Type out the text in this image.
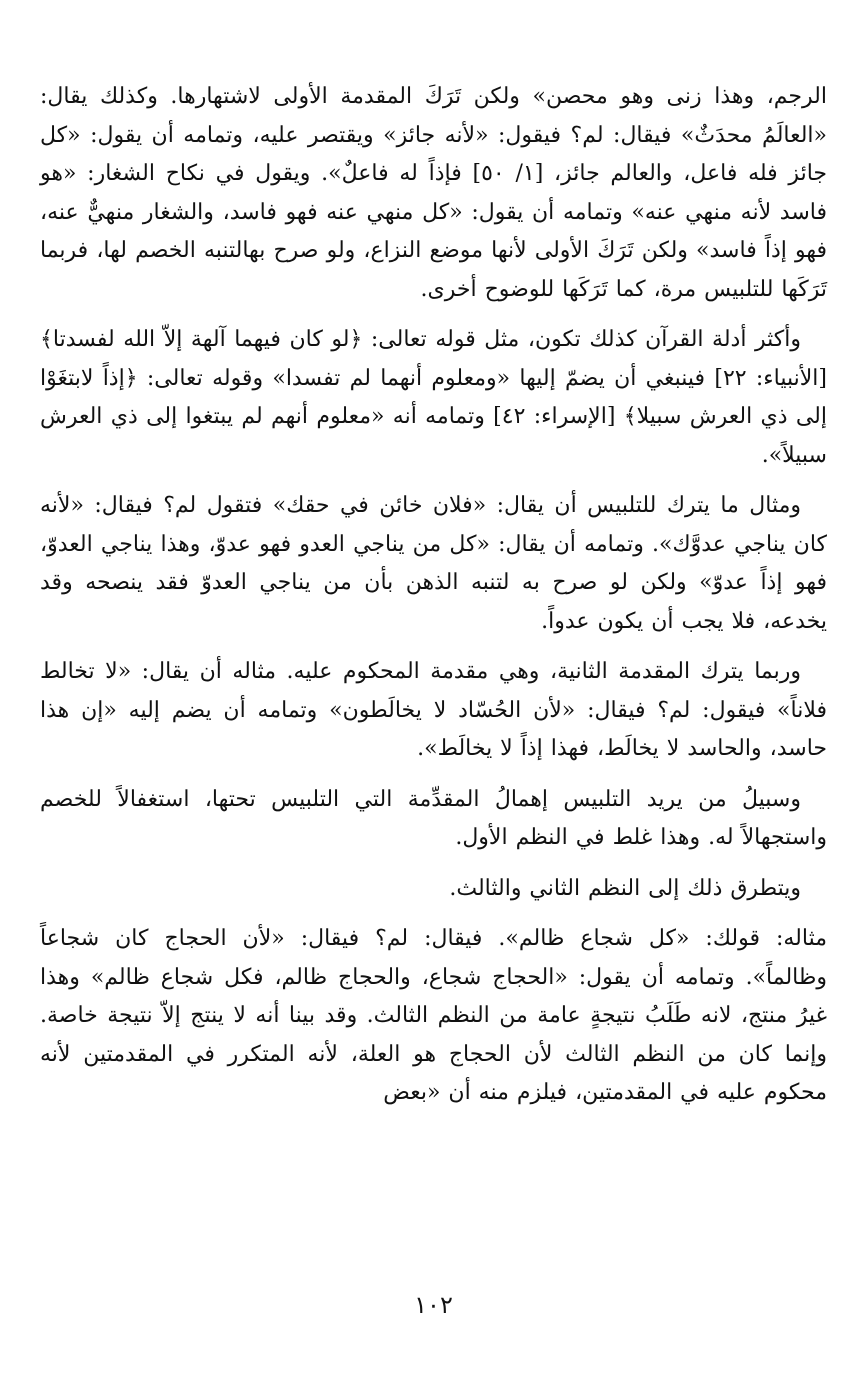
الرجم، وهذا زنى وهو محصن» ولكن تَرَكَ المقدمة الأولى لاشتهارها. وكذلك يقال: «العالَمُ محدَثٌ» فيقال: لم؟ فيقول: «لأنه جائز» ويقتصر عليه، وتمامه أن يقول: «كل جائز فله فاعل، والعالم جائز، [١/ ٥٠] فإذاً له فاعلٌ». ويقول في نكاح الشغار: «هو فاسد لأنه منهي عنه» وتمامه أن يقول: «كل منهي عنه فهو فاسد، والشغار منهيٌّ عنه، فهو إذاً فاسد» ولكن تَرَكَ الأولى لأنها موضع النزاع، ولو صرح بهالتنبه الخصم لها، فربما تَرَكَها للتلبيس مرة، كما تَرَكَها للوضوح أخرى.

وأكثر أدلة القرآن كذلك تكون، مثل قوله تعالى: ﴿لو كان فيهما آلهة إلاّ الله لفسدتا﴾ [الأنبياء: ٢٢] فينبغي أن يضمّ إليها «ومعلوم أنهما لم تفسدا» وقوله تعالى: ﴿إذاً لابتغَوْا إلى ذي العرش سبيلا﴾ [الإسراء: ٤٢] وتمامه أنه «معلوم أنهم لم يبتغوا إلى ذي العرش سبيلاً».

ومثال ما يترك للتلبيس أن يقال: «فلان خائن في حقك» فتقول لم؟ فيقال: «لأنه كان يناجي عدوَّك». وتمامه أن يقال: «كل من يناجي العدو فهو عدوّ، وهذا يناجي العدوّ، فهو إذاً عدوّ» ولكن لو صرح به لتنبه الذهن بأن من يناجي العدوّ فقد ينصحه وقد يخدعه، فلا يجب أن يكون عدواً.

وربما يترك المقدمة الثانية، وهي مقدمة المحكوم عليه. مثاله أن يقال: «لا تخالط فلاناً» فيقول: لم؟ فيقال: «لأن الحُسّاد لا يخالَطون» وتمامه أن يضم إليه «إن هذا حاسد، والحاسد لا يخالَط، فهذا إذاً لا يخالَط».

وسبيلُ من يريد التلبيس إهمالُ المقدِّمة التي التلبيس تحتها، استغفالاً للخصم واستجهالاً له. وهذا غلط في النظم الأول.

ويتطرق ذلك إلى النظم الثاني والثالث.

مثاله: قولك: «كل شجاع ظالم». فيقال: لم؟ فيقال: «لأن الحجاج كان شجاعاً وظالماً». وتمامه أن يقول: «الحجاج شجاع، والحجاج ظالم، فكل شجاع ظالم» وهذا غيرُ منتج، لانه طَلَبُ نتيجةٍ عامة من النظم الثالث. وقد بينا أنه لا ينتج إلاّ نتيجة خاصة. وإنما كان من النظم الثالث لأن الحجاج هو العلة، لأنه المتكرر في المقدمتين لأنه محكوم عليه في المقدمتين، فيلزم منه أن «بعض

١٠٢
